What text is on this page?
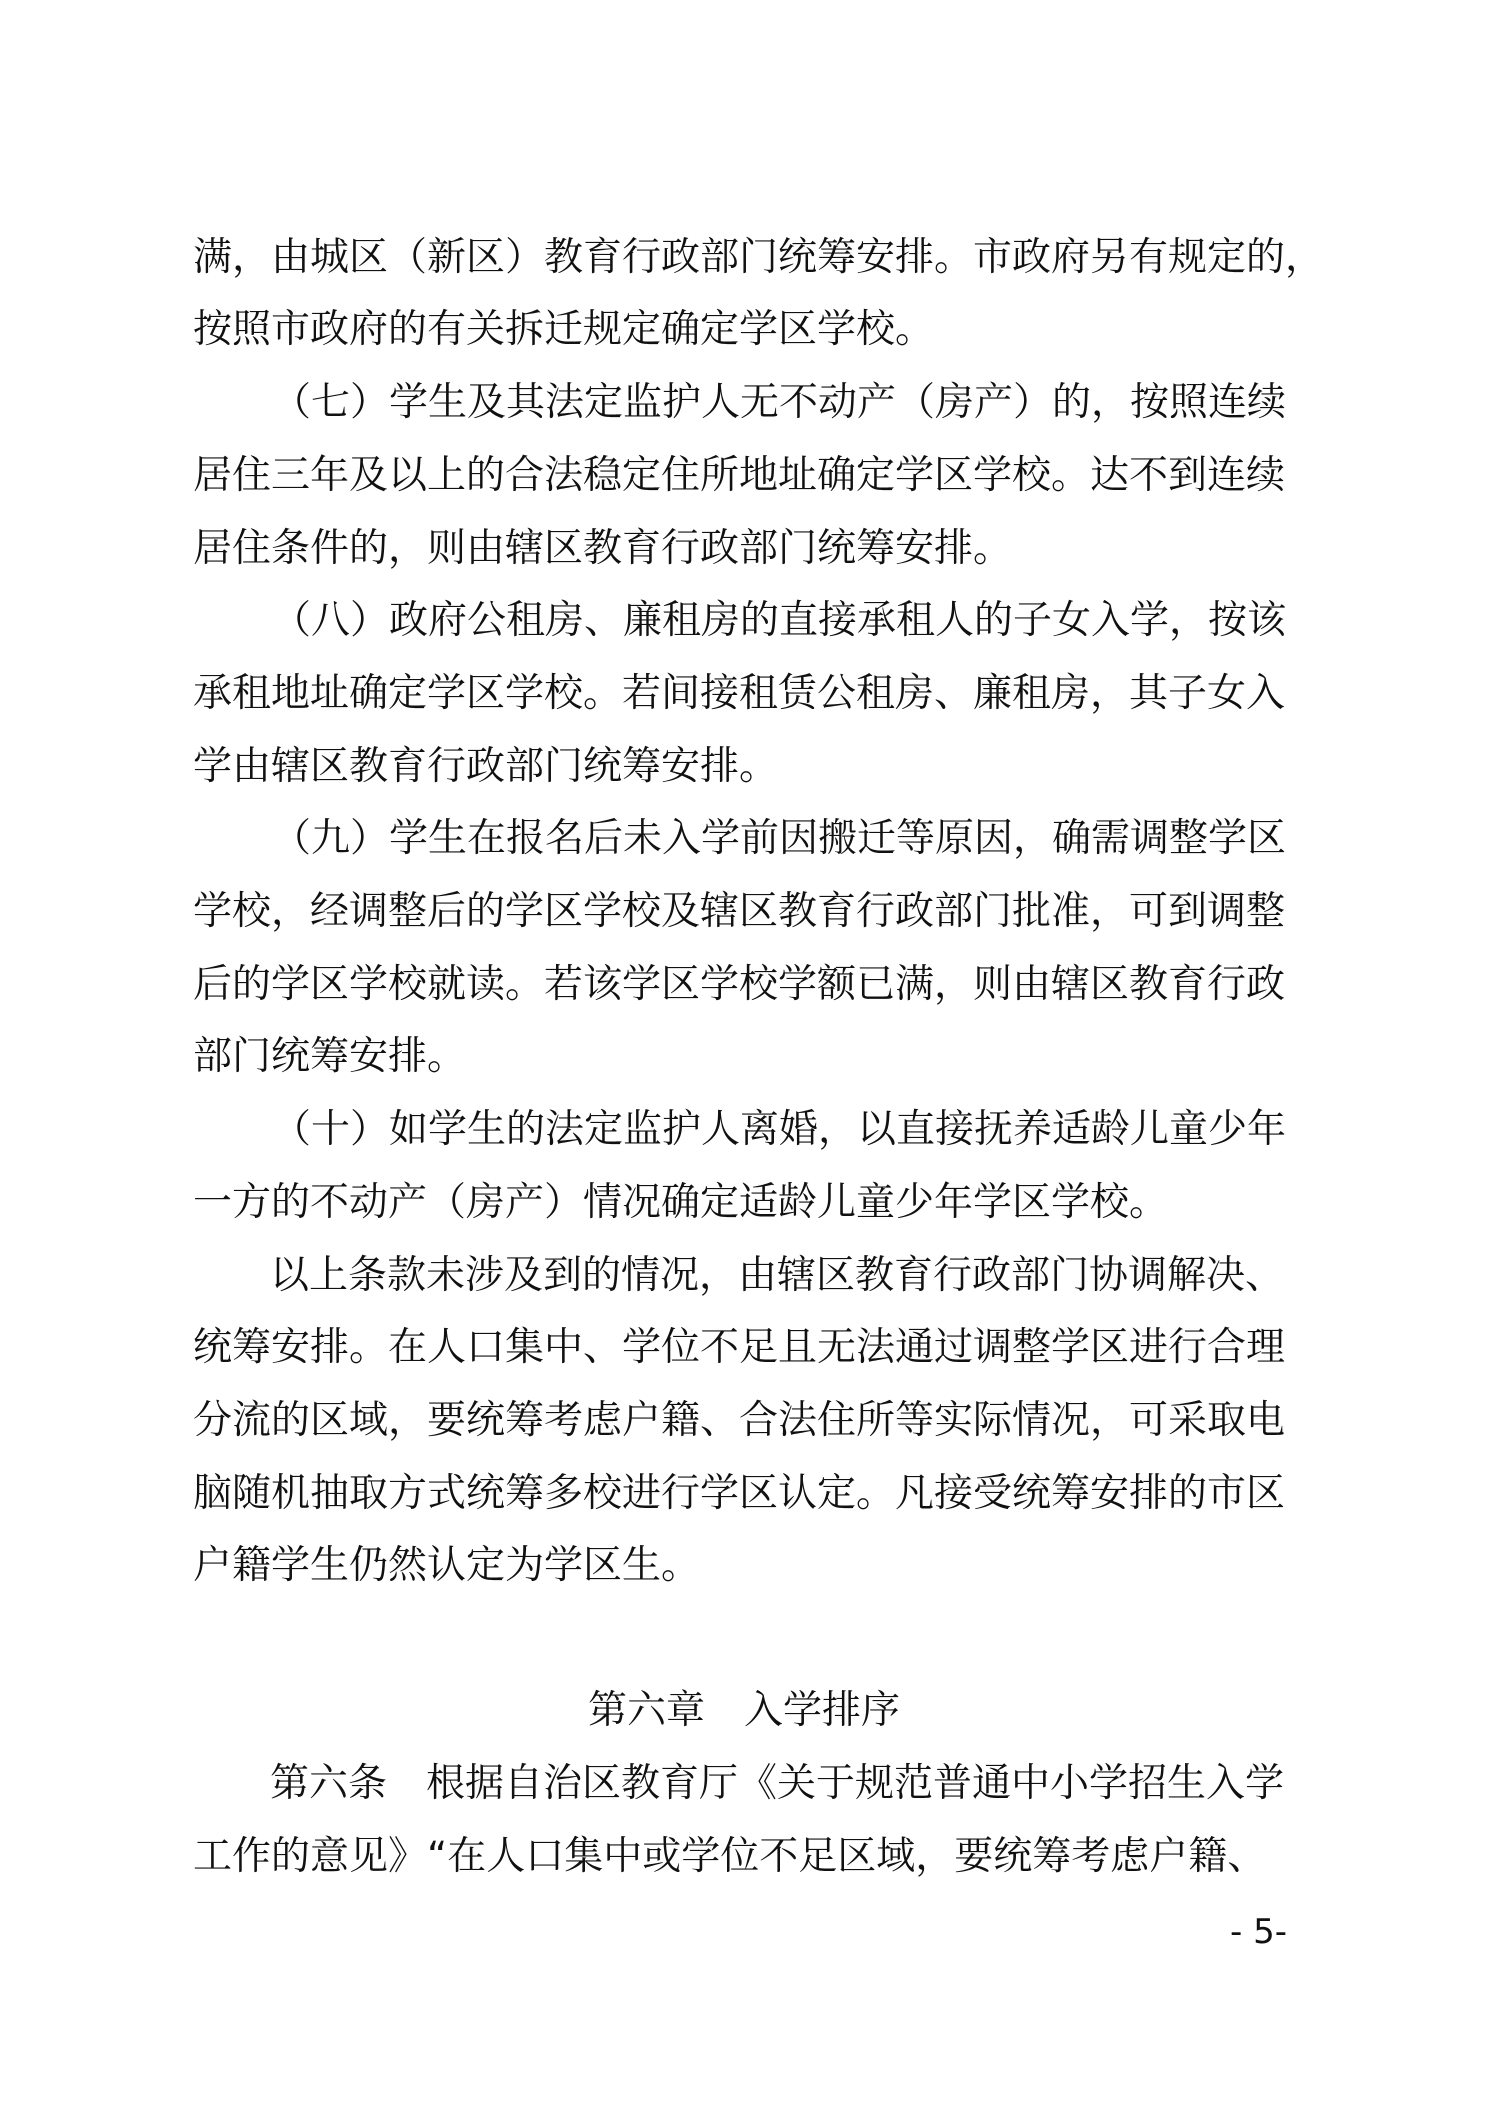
满，由城区（新区）教育行政部门统筹安排。市政府另有规定的，
按照市政府的有关拆迁规定确定学区学校。
（七）学生及其法定监护人无不动产（房产）的，按照连续
居住三年及以上的合法稳定住所地址确定学区学校。达不到连续
居住条件的，则由辖区教育行政部门统筹安排。
（八）政府公租房、廉租房的直接承租人的子女入学，按该
承租地址确定学区学校。若间接租赁公租房、廉租房，其子女入
学由辖区教育行政部门统筹安排。
（九）学生在报名后未入学前因搬迁等原因，确需调整学区
学校，经调整后的学区学校及辖区教育行政部门批准，可到调整
后的学区学校就读。若该学区学校学额已满，则由辖区教育行政
部门统筹安排。
（十）如学生的法定监护人离婚，以直接抚养适龄儿童少年
一方的不动产（房产）情况确定适龄儿童少年学区学校。
以上条款未涉及到的情况，由辖区教育行政部门协调解决、
统筹安排。在人口集中、学位不足且无法通过调整学区进行合理
分流的区域，要统筹考虑户籍、合法住所等实际情况，可采取电
脑随机抽取方式统筹多校进行学区认定。凡接受统筹安排的市区
户籍学生仍然认定为学区生。
第六章　入学排序
第六条　根据自治区教育厅《关于规范普通中小学招生入学
工作的意见》“在人口集中或学位不足区域，要统筹考虑户籍、
- 5-
